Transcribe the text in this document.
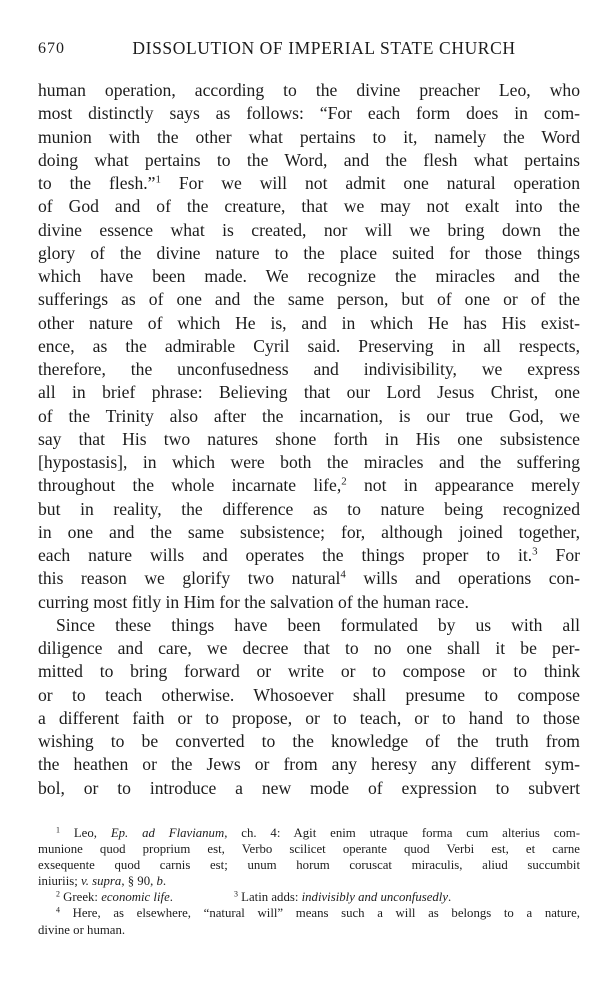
670	DISSOLUTION OF IMPERIAL STATE CHURCH
human operation, according to the divine preacher Leo, who
most distinctly says as follows: “For each form does in com-
munion with the other what pertains to it, namely the Word
doing what pertains to the Word, and the flesh what pertains
to the flesh.”$^1$ For we will not admit one natural operation
of God and of the creature, that we may not exalt into the
divine essence what is created, nor will we bring down the
glory of the divine nature to the place suited for those things
which have been made. We recognize the miracles and the
sufferings as of one and the same person, but of one or of the
other nature of which He is, and in which He has His exist-
ence, as the admirable Cyril said. Preserving in all respects,
therefore, the unconfusedness and indivisibility, we express
all in brief phrase: Believing that our Lord Jesus Christ, one
of the Trinity also after the incarnation, is our true God, we
say that His two natures shone forth in His one subsistence
[hypostasis], in which were both the miracles and the suffering
throughout the whole incarnate life,$^2$ not in appearance merely
but in reality, the difference as to nature being recognized
in one and the same subsistence; for, although joined together,
each nature wills and operates the things proper to it.$^3$ For
this reason we glorify two natural$^4$ wills and operations con-
curring most fitly in Him for the salvation of the human race.
Since these things have been formulated by us with all
diligence and care, we decree that to no one shall it be per-
mitted to bring forward or write or to compose or to think
or to teach otherwise. Whosoever shall presume to compose
a different faith or to propose, or to teach, or to hand to those
wishing to be converted to the knowledge of the truth from
the heathen or the Jews or from any heresy any different sym-
bol, or to introduce a new mode of expression to subvert
$^1$ Leo, Ep. ad Flavianum, ch. 4: Agit enim utraque forma cum alterius com-
munione quod proprium est, Verbo scilicet operante quod Verbi est, et carne
exsequente quod carnis est; unum horum coruscat miraculis, aliud succumbit
iniuriis; v. supra, § 90, b.
$^2$ Greek: economic life.	$^3$ Latin adds: indivisibly and unconfusedly.
$^4$ Here, as elsewhere, “natural will” means such a will as belongs to a nature,
divine or human.
